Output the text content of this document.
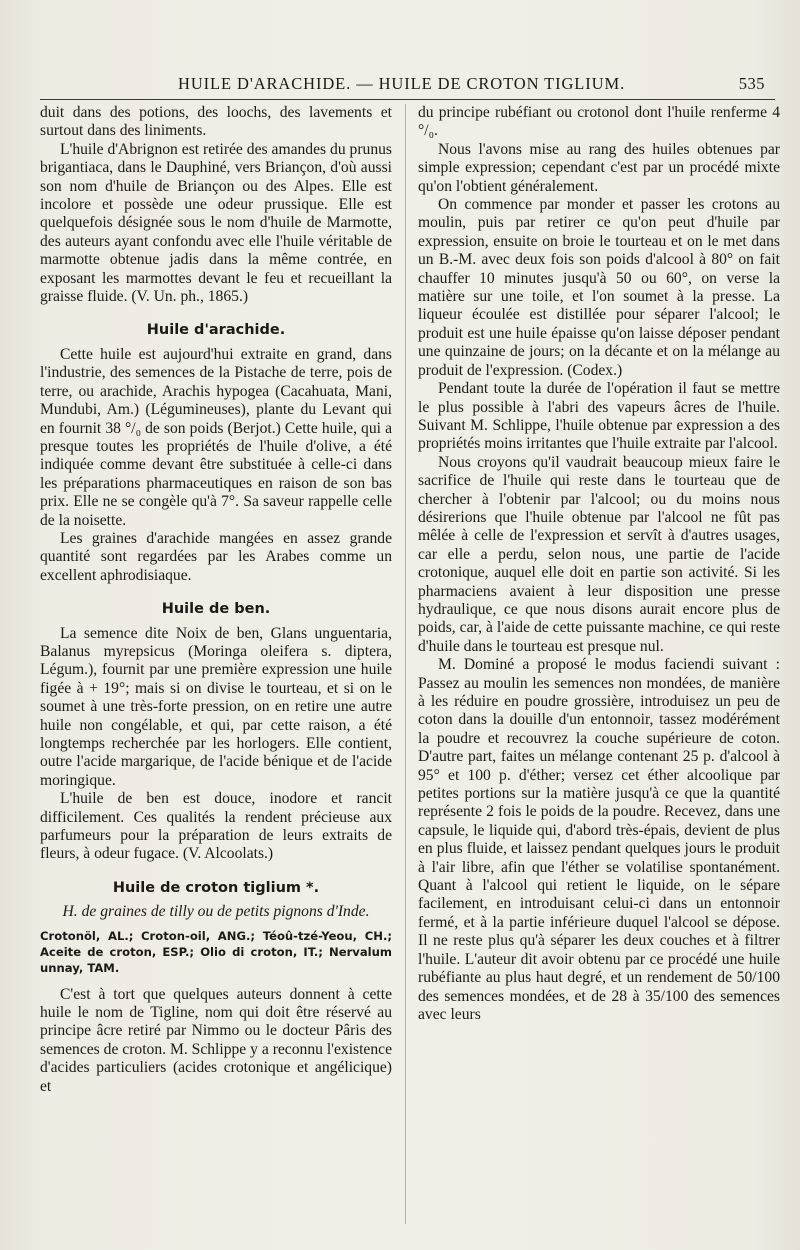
HUILE D'ARACHIDE. — HUILE DE CROTON TIGLIUM.	535

duit dans des potions, des loochs, des lavements et surtout dans des liniments.

L'huile d'Abrignon est retirée des amandes du prunus brigantiaca, dans le Dauphiné, vers Briançon, d'où aussi son nom d'huile de Briançon ou des Alpes. Elle est incolore et possède une odeur prussique. Elle est quelquefois désignée sous le nom d'huile de Marmotte, des auteurs ayant confondu avec elle l'huile véritable de marmotte obtenue jadis dans la même contrée, en exposant les marmottes devant le feu et recueillant la graisse fluide. (V. Un. ph., 1865.)

Huile d'arachide.

Cette huile est aujourd'hui extraite en grand, dans l'industrie, des semences de la Pistache de terre, pois de terre, ou arachide, Arachis hypogea (Cacahuata, Mani, Mundubi, Am.) (Légumineuses), plante du Levant qui en fournit 38 °/₀ de son poids (Berjot.) Cette huile, qui a presque toutes les propriétés de l'huile d'olive, a été indiquée comme devant être substituée à celle-ci dans les préparations pharmaceutiques en raison de son bas prix. Elle ne se congèle qu'à 7°. Sa saveur rappelle celle de la noisette.

Les graines d'arachide mangées en assez grande quantité sont regardées par les Arabes comme un excellent aphrodisiaque.

Huile de ben.

La semence dite Noix de ben, Glans unguentaria, Balanus myrepsicus (Moringa oleifera s. diptera, Légum.), fournit par une première expression une huile figée à + 19°; mais si on divise le tourteau, et si on le soumet à une très-forte pression, on en retire une autre huile non congélable, et qui, par cette raison, a été longtemps recherchée par les horlogers. Elle contient, outre l'acide margarique, de l'acide bénique et de l'acide moringique.

L'huile de ben est douce, inodore et rancit difficilement. Ces qualités la rendent précieuse aux parfumeurs pour la préparation de leurs extraits de fleurs, à odeur fugace. (V. Alcoolats.)

Huile de croton tiglium *.

H. de graines de tilly ou de petits pignons d'Inde.

Crotonöl, AL.; Croton-oil, ANG.; Téoû-tzé-Yeou, CH.; Aceite de croton, ESP.; Olio di croton, IT.; Nervalum unnay, TAM.

C'est à tort que quelques auteurs donnent à cette huile le nom de Tigline, nom qui doit être réservé au principe âcre retiré par Nimmo ou le docteur Pâris des semences de croton. M. Schlippe y a reconnu l'existence d'acides particuliers (acides crotonique et angélicique) et

du principe rubéfiant ou crotonol dont l'huile renferme 4 °/₀.

Nous l'avons mise au rang des huiles obtenues par simple expression; cependant c'est par un procédé mixte qu'on l'obtient généralement.

On commence par monder et passer les crotons au moulin, puis par retirer ce qu'on peut d'huile par expression, ensuite on broie le tourteau et on le met dans un B.-M. avec deux fois son poids d'alcool à 80° on fait chauffer 10 minutes jusqu'à 50 ou 60°, on verse la matière sur une toile, et l'on soumet à la presse. La liqueur écoulée est distillée pour séparer l'alcool; le produit est une huile épaisse qu'on laisse déposer pendant une quinzaine de jours; on la décante et on la mélange au produit de l'expression. (Codex.)

Pendant toute la durée de l'opération il faut se mettre le plus possible à l'abri des vapeurs âcres de l'huile. Suivant M. Schlippe, l'huile obtenue par expression a des propriétés moins irritantes que l'huile extraite par l'alcool.

Nous croyons qu'il vaudrait beaucoup mieux faire le sacrifice de l'huile qui reste dans le tourteau que de chercher à l'obtenir par l'alcool; ou du moins nous désirerions que l'huile obtenue par l'alcool ne fût pas mêlée à celle de l'expression et servît à d'autres usages, car elle a perdu, selon nous, une partie de l'acide crotonique, auquel elle doit en partie son activité. Si les pharmaciens avaient à leur disposition une presse hydraulique, ce que nous disons aurait encore plus de poids, car, à l'aide de cette puissante machine, ce qui reste d'huile dans le tourteau est presque nul.

M. Dominé a proposé le modus faciendi suivant : Passez au moulin les semences non mondées, de manière à les réduire en poudre grossière, introduisez un peu de coton dans la douille d'un entonnoir, tassez modérément la poudre et recouvrez la couche supérieure de coton. D'autre part, faites un mélange contenant 25 p. d'alcool à 95° et 100 p. d'éther; versez cet éther alcoolique par petites portions sur la matière jusqu'à ce que la quantité représente 2 fois le poids de la poudre. Recevez, dans une capsule, le liquide qui, d'abord très-épais, devient de plus en plus fluide, et laissez pendant quelques jours le produit à l'air libre, afin que l'éther se volatilise spontanément. Quant à l'alcool qui retient le liquide, on le sépare facilement, en introduisant celui-ci dans un entonnoir fermé, et à la partie inférieure duquel l'alcool se dépose. Il ne reste plus qu'à séparer les deux couches et à filtrer l'huile. L'auteur dit avoir obtenu par ce procédé une huile rubéfiante au plus haut degré, et un rendement de 50/100 des semences mondées, et de 28 à 35/100 des semences avec leurs
